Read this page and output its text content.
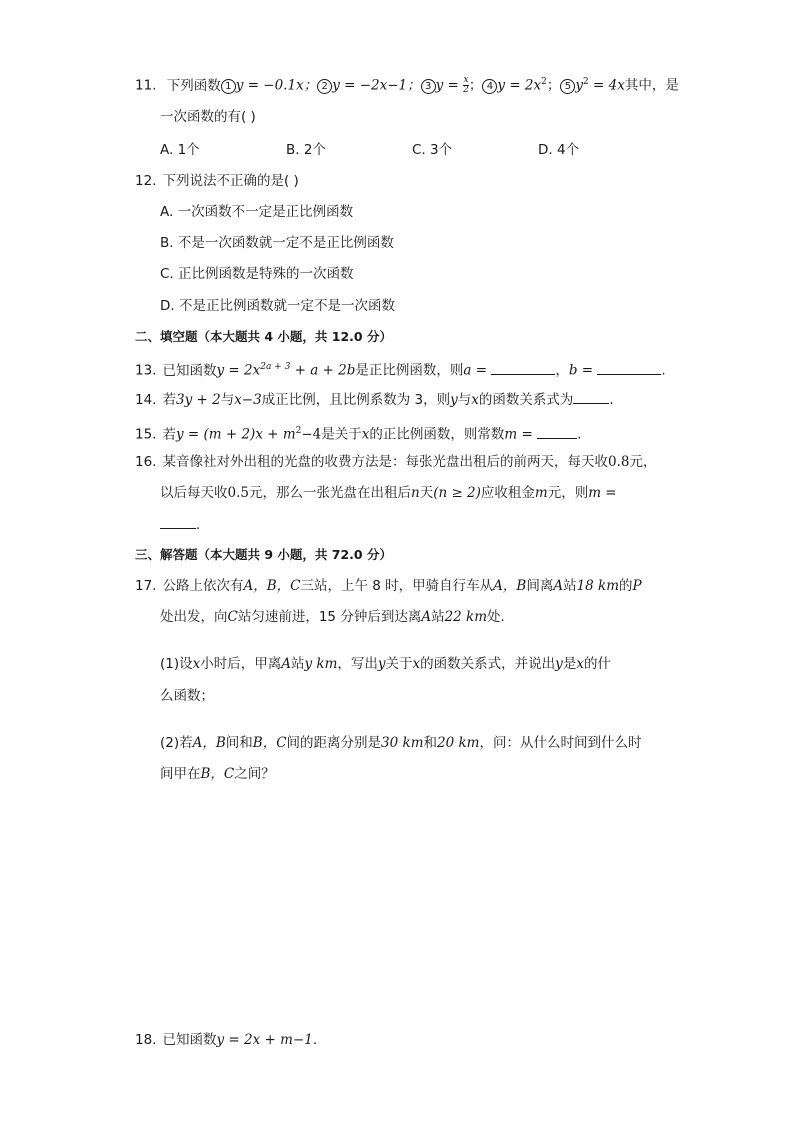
11. 下列函数 1 y = −0.1x； 2 y = −2x−1； 3 $y = \frac{x}{2}$ ； 4 $y = 2x^2$； 5 $y^2 = 4x$其中，是
一次函数的有( )
A. 1个	B. 2个	C. 3个	D. 4个
12. 下列说法不正确的是( )
A. 一次函数不一定是正比例函数
B. 不是一次函数就一定不是正比例函数
C. 正比例函数是特殊的一次函数
D. 不是正比例函数就一定不是一次函数
二、填空题（本大题共 4 小题，共 12.0 分）
13. 已知函数$y = 2x^{2a + 3} + a + 2b$是正比例函数，则a =	，b =	.
14. 若3y + 2与x−3成正比例，且比例系数为 3，则y与x的函数关系式为	.
15. 若$y = (m + 2)x + m^2-4$是关于x的正比例函数，则常数m =	.
16. 某音像社对外出租的光盘的收费方法是：每张光盘出租后的前两天，每天收0.8元，
以后每天收0.5元，那么一张光盘在出租后n天(n ≥ 2)应收租金m元，则m =
.
三、解答题（本大题共 9 小题，共 72.0 分）
17. 公路上依次有A，B，C三站，上午 8 时，甲骑自行车从A，B间离A站18 km的P
处出发，向C站匀速前进，15 分钟后到达离A站22 km处.
(1)设x小时后，甲离A站y km，写出y关于x的函数关系式，并说出y是x的什
么函数；
(2)若A，B间和B，C间的距离分别是30 km和20 km，问：从什么时间到什么时
间甲在B，C之间？
18. 已知函数y = 2x + m−1.
